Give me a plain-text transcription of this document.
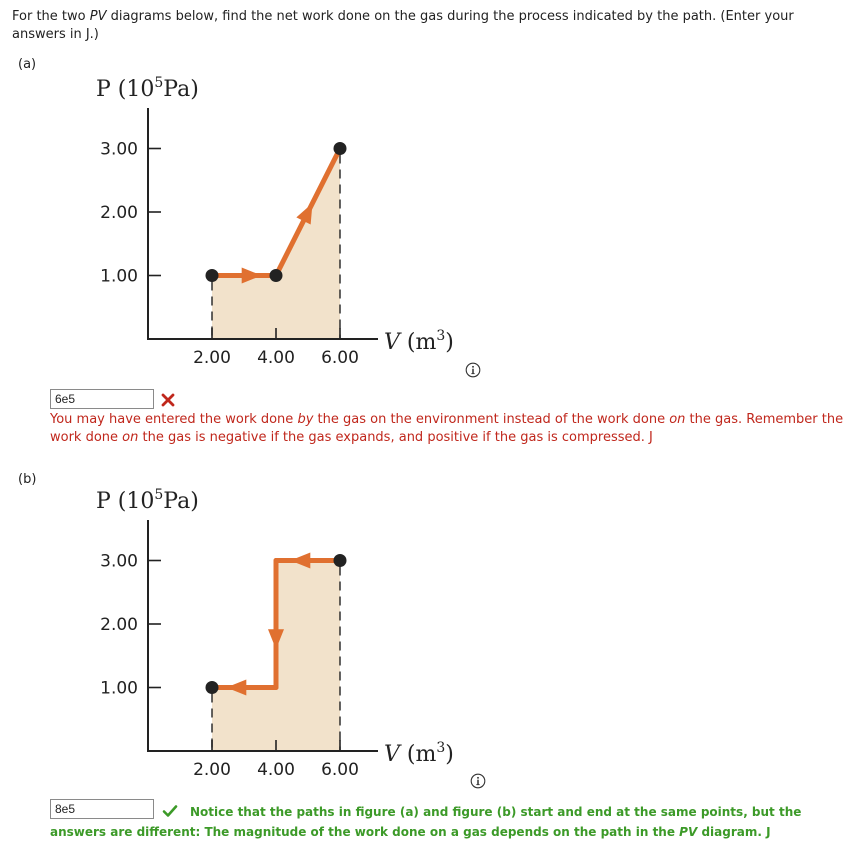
For the two PV diagrams below, find the net work done on the gas during the process indicated by the path. (Enter your answers in J.)
(a)
1.00
2.00
3.00
2.00 4.00 6.00
P $(10^5Pa)$
V $(m^3)$
6e5
You may have entered the work done by the gas on the environment instead of the work done on the gas. Remember the work done on the gas is negative if the gas expands, and positive if the gas is compressed. J
(b)
1.00
2.00
3.00
2.00 4.00 6.00
P $(10^5Pa)$
V $(m^3)$
8e5
Notice that the paths in figure (a) and figure (b) start and end at the same points, but the answers are different: The magnitude of the work done on a gas depends on the path in the PV diagram. J
